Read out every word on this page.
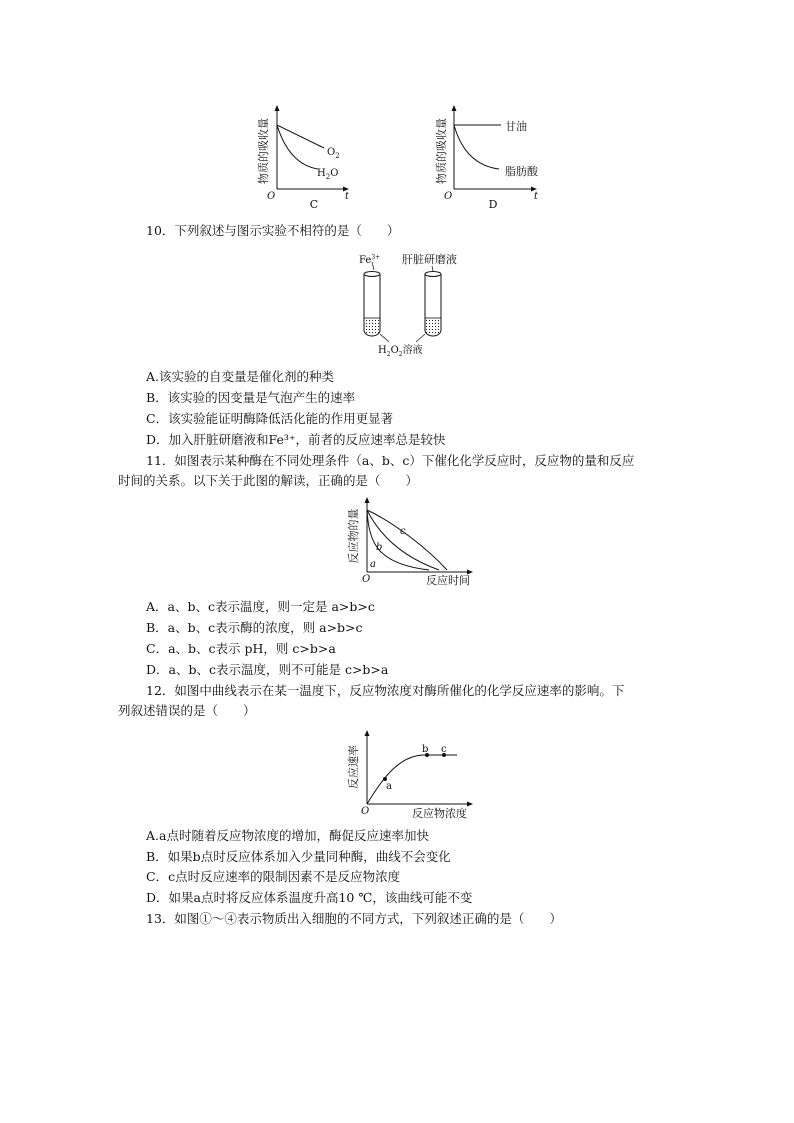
物质的吸收量
O	t
$O_2$
$H_2O$
C
物质的吸收量
O	t
甘油
脂肪酸
D
10．下列叙述与图示实验不相符的是（　　）
$Fe^{3+}$ 肝脏研磨液
$H_2O_2$溶液
A.该实验的自变量是催化剂的种类
B．该实验的因变量是气泡产生的速率
C．该实验能证明酶降低活化能的作用更显著
D．加入肝脏研磨液和Fe³⁺，前者的反应速率总是较快
11．如图表示某种酶在不同处理条件（a、b、c）下催化化学反应时，反应物的量和反应
时间的关系。以下关于此图的解读，正确的是（　　）
反应物的量
O	反应时间
a
b
c
A．a、b、c表示温度，则一定是 a>b>c
B．a、b、c表示酶的浓度，则 a>b>c
C．a、b、c表示 pH，则 c>b>a
D．a、b、c表示温度，则不可能是 c>b>a
12．如图中曲线表示在某一温度下，反应物浓度对酶所催化的化学反应速率的影响。下
列叙述错误的是（　　）
反应速率
O	反应物浓度
a
b c
A.a点时随着反应物浓度的增加，酶促反应速率加快
B．如果b点时反应体系加入少量同种酶，曲线不会变化
C．c点时反应速率的限制因素不是反应物浓度
D．如果a点时将反应体系温度升高10 ℃，该曲线可能不变
13．如图①～④表示物质出入细胞的不同方式，下列叙述正确的是（　　）
